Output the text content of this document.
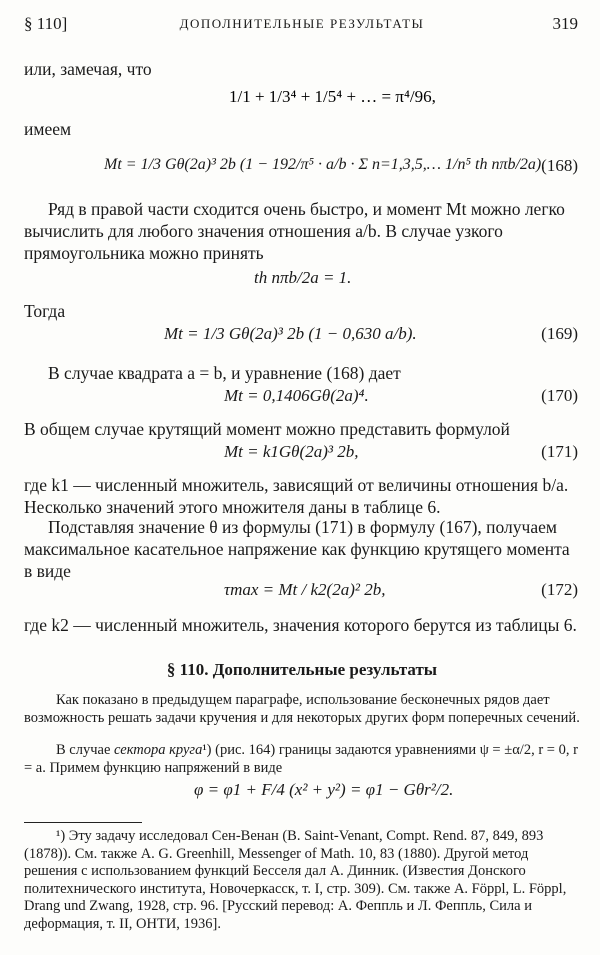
§ 110]	ДОПОЛНИТЕЛЬНЫЕ РЕЗУЛЬТАТЫ	319
или, замечая, что
1/1 + 1/3⁴ + 1/5⁴ + … = π⁴/96,
имеем
Mt = 1/3 Gθ(2a)³ 2b (1 − 192/π⁵ · a/b · Σ n=1,3,5,… 1/n⁵ th nπb/2a).
(168)
Ряд в правой части сходится очень быстро, и момент Mt можно легко вычислить для любого значения отношения a/b. В случае узкого прямоугольника можно принять
th nπb/2a = 1.
Тогда
Mt = 1/3 Gθ(2a)³ 2b (1 − 0,630 a/b).	(169)
В случае квадрата a = b, и уравнение (168) дает
Mt = 0,1406Gθ(2a)⁴.	(170)
В общем случае крутящий момент можно представить формулой
Mt = k1Gθ(2a)³ 2b,	(171)
где k1 — численный множитель, зависящий от величины отношения b/a. Несколько значений этого множителя даны в таблице 6.
Подставляя значение θ из формулы (171) в формулу (167), получаем максимальное касательное напряжение как функцию крутящего момента в виде
τmax = Mt / k2(2a)² 2b,	(172)
где k2 — численный множитель, значения которого берутся из таблицы 6.
§ 110. Дополнительные результаты
Как показано в предыдущем параграфе, использование бесконечных рядов дает возможность решать задачи кручения и для некоторых других форм поперечных сечений.
В случае сектора круга¹) (рис. 164) границы задаются уравнениями ψ = ±α/2, r = 0, r = a. Примем функцию напряжений в виде
φ = φ1 + F/4 (x² + y²) = φ1 − Gθr²/2.
¹) Эту задачу исследовал Сен-Венан (B. Saint-Venant, Compt. Rend. 87, 849, 893 (1878)). См. также A. G. Greenhill, Messenger of Math. 10, 83 (1880). Другой метод решения с использованием функций Бесселя дал А. Динник. (Известия Донского политехнического института, Новочеркасск, т. I, стр. 309). См. также A. Föppl, L. Föppl, Drang und Zwang, 1928, стр. 96. [Русский перевод: А. Феппль и Л. Феппль, Сила и деформация, т. II, ОНТИ, 1936].
